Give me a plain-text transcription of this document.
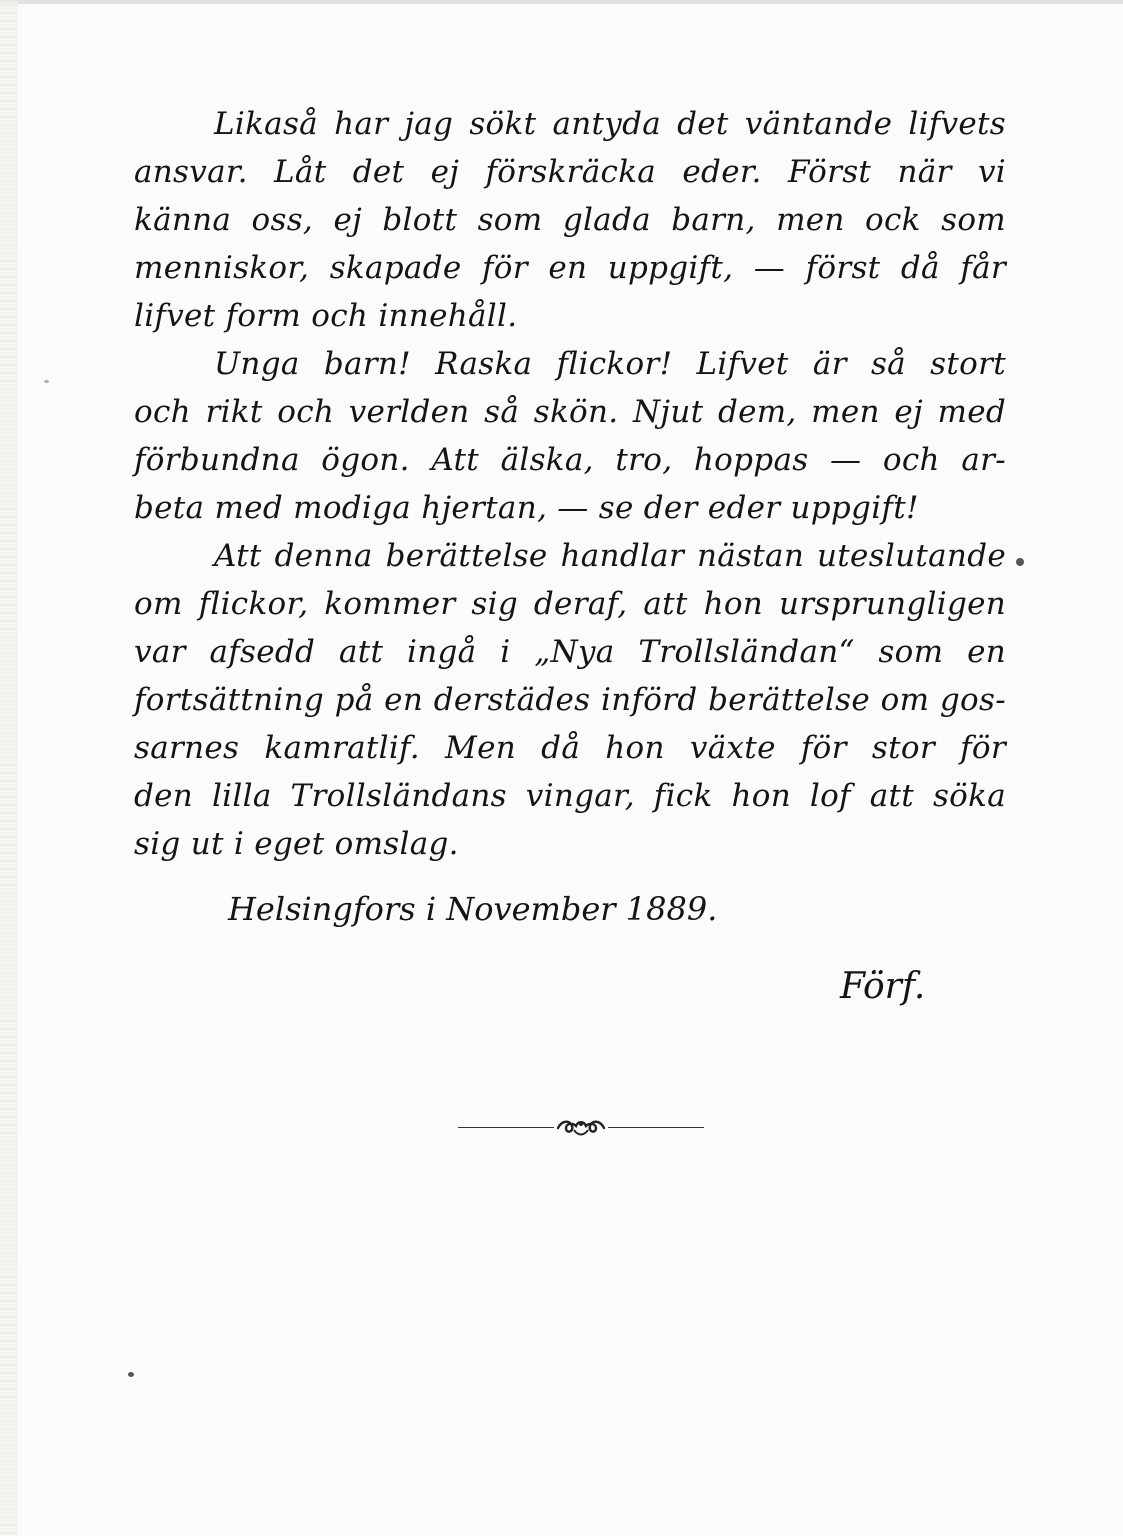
Likaså har jag sökt antyda det väntande lifvets
ansvar. Låt det ej förskräcka eder. Först när vi
känna oss, ej blott som glada barn, men ock som
menniskor, skapade för en uppgift, — först då får
lifvet form och innehåll.
Unga barn! Raska flickor! Lifvet är så stort
och rikt och verlden så skön. Njut dem, men ej med
förbundna ögon. Att älska, tro, hoppas — och ar-
beta med modiga hjertan, — se der eder uppgift!
Att denna berättelse handlar nästan uteslutande
om flickor, kommer sig deraf, att hon ursprungligen
var afsedd att ingå i „Nya Trollsländan“ som en
fortsättning på en derstädes införd berättelse om gos-
sarnes kamratlif. Men då hon växte för stor för
den lilla Trollsländans vingar, fick hon lof att söka
sig ut i eget omslag.
Helsingfors i November 1889.
Förf.
